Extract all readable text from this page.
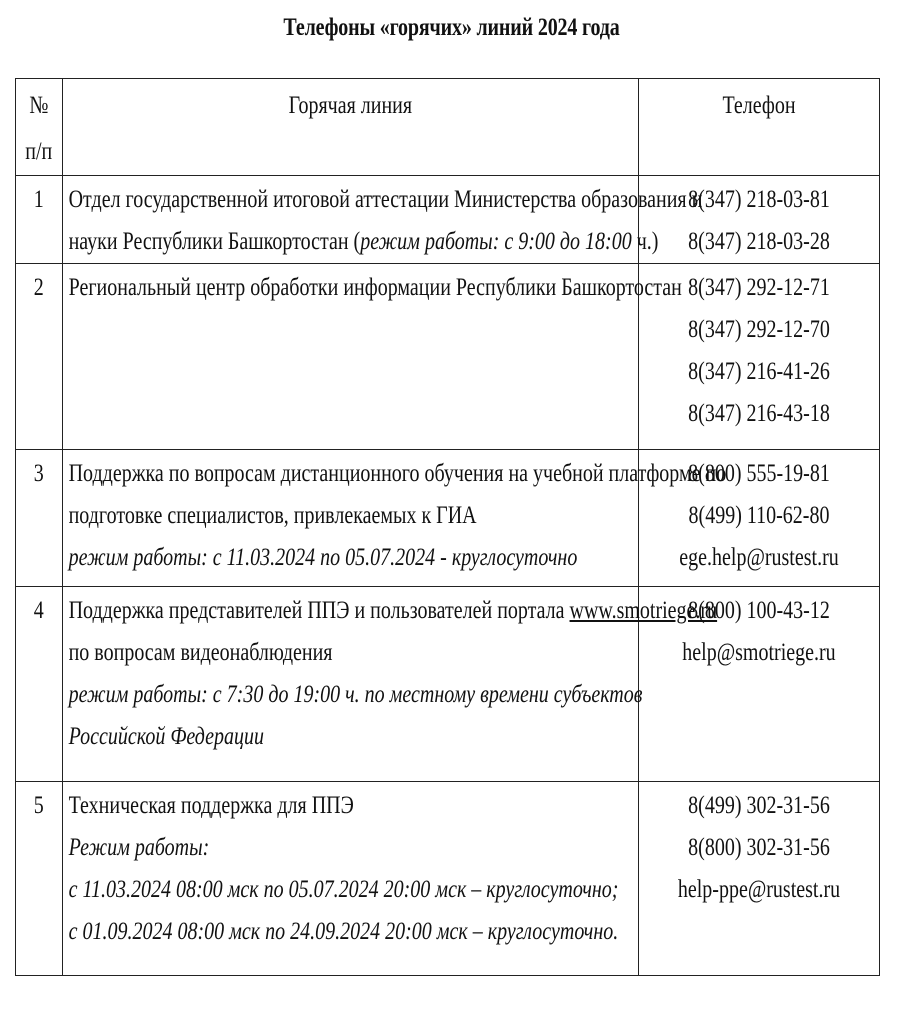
Телефоны «горячих» линий 2024 года
№
п/п	Горячая линия	Телефон

1	Отдел государственной итоговой аттестации Министерства образования и
науки Республики Башкортостан (режим работы: с 9:00 до 18:00 ч.)	8(347) 218-03-81
8(347) 218-03-28

2	Региональный центр обработки информации Республики Башкортостан	8(347) 292-12-71
8(347) 292-12-70
8(347) 216-41-26
8(347) 216-43-18

3	Поддержка по вопросам дистанционного обучения на учебной платформе по
подготовке специалистов, привлекаемых к ГИА
режим работы: с 11.03.2024 по 05.07.2024 - круглосуточно	8(800) 555-19-81
8(499) 110-62-80
ege.help@rustest.ru

4	Поддержка представителей ППЭ и пользователей портала www.smotriege.ru
по вопросам видеонаблюдения
режим работы: с 7:30 до 19:00 ч. по местному времени субъектов
Российской Федерации	8(800) 100-43-12
help@smotriege.ru

5	Техническая поддержка для ППЭ
Режим работы:
с 11.03.2024 08:00 мск по 05.07.2024 20:00 мск – круглосуточно;
с 01.09.2024 08:00 мск по 24.09.2024 20:00 мск – круглосуточно.	8(499) 302-31-56
8(800) 302-31-56
help-ppe@rustest.ru
